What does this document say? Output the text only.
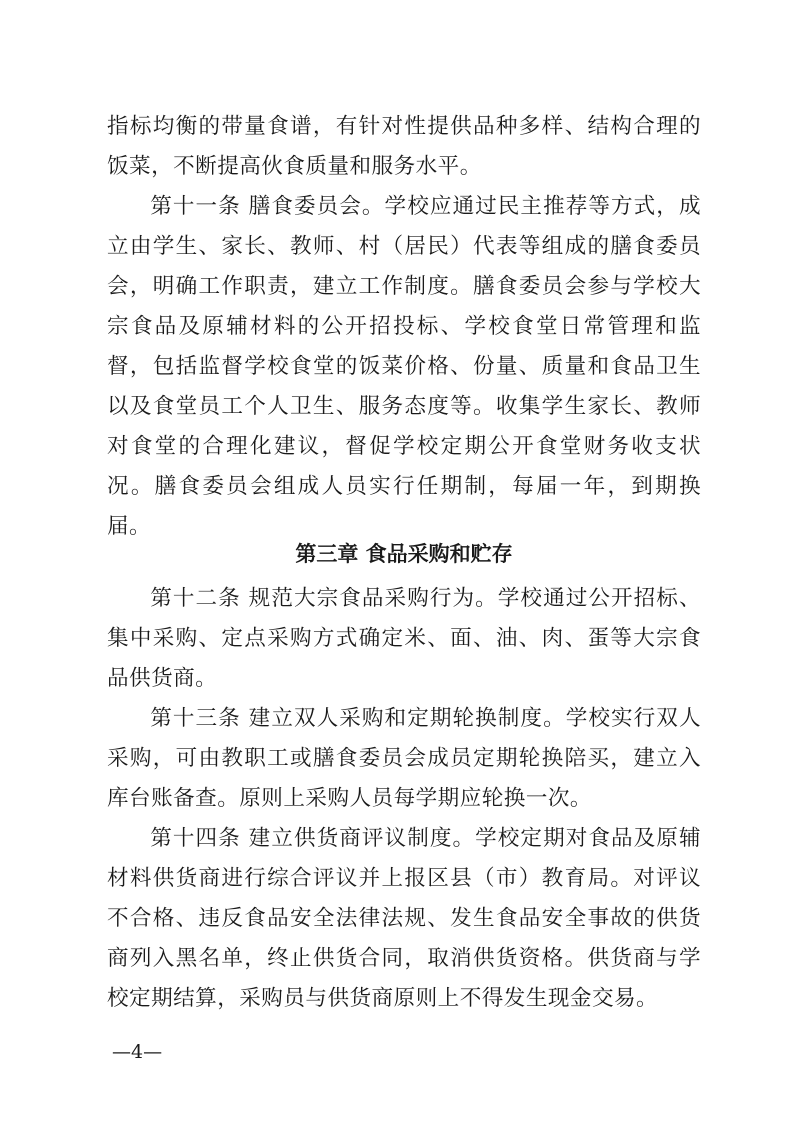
指标均衡的带量食谱，有针对性提供品种多样、结构合理的饭菜，不断提高伙食质量和服务水平。

第十一条 膳食委员会。学校应通过民主推荐等方式，成立由学生、家长、教师、村（居民）代表等组成的膳食委员会，明确工作职责，建立工作制度。膳食委员会参与学校大宗食品及原辅材料的公开招投标、学校食堂日常管理和监督，包括监督学校食堂的饭菜价格、份量、质量和食品卫生以及食堂员工个人卫生、服务态度等。收集学生家长、教师对食堂的合理化建议，督促学校定期公开食堂财务收支状况。膳食委员会组成人员实行任期制，每届一年，到期换届。

第三章 食品采购和贮存

第十二条 规范大宗食品采购行为。学校通过公开招标、集中采购、定点采购方式确定米、面、油、肉、蛋等大宗食品供货商。

第十三条 建立双人采购和定期轮换制度。学校实行双人采购，可由教职工或膳食委员会成员定期轮换陪买，建立入库台账备查。原则上采购人员每学期应轮换一次。

第十四条 建立供货商评议制度。学校定期对食品及原辅材料供货商进行综合评议并上报区县（市）教育局。对评议不合格、违反食品安全法律法规、发生食品安全事故的供货商列入黑名单，终止供货合同，取消供货资格。供货商与学校定期结算，采购员与供货商原则上不得发生现金交易。

—4—
